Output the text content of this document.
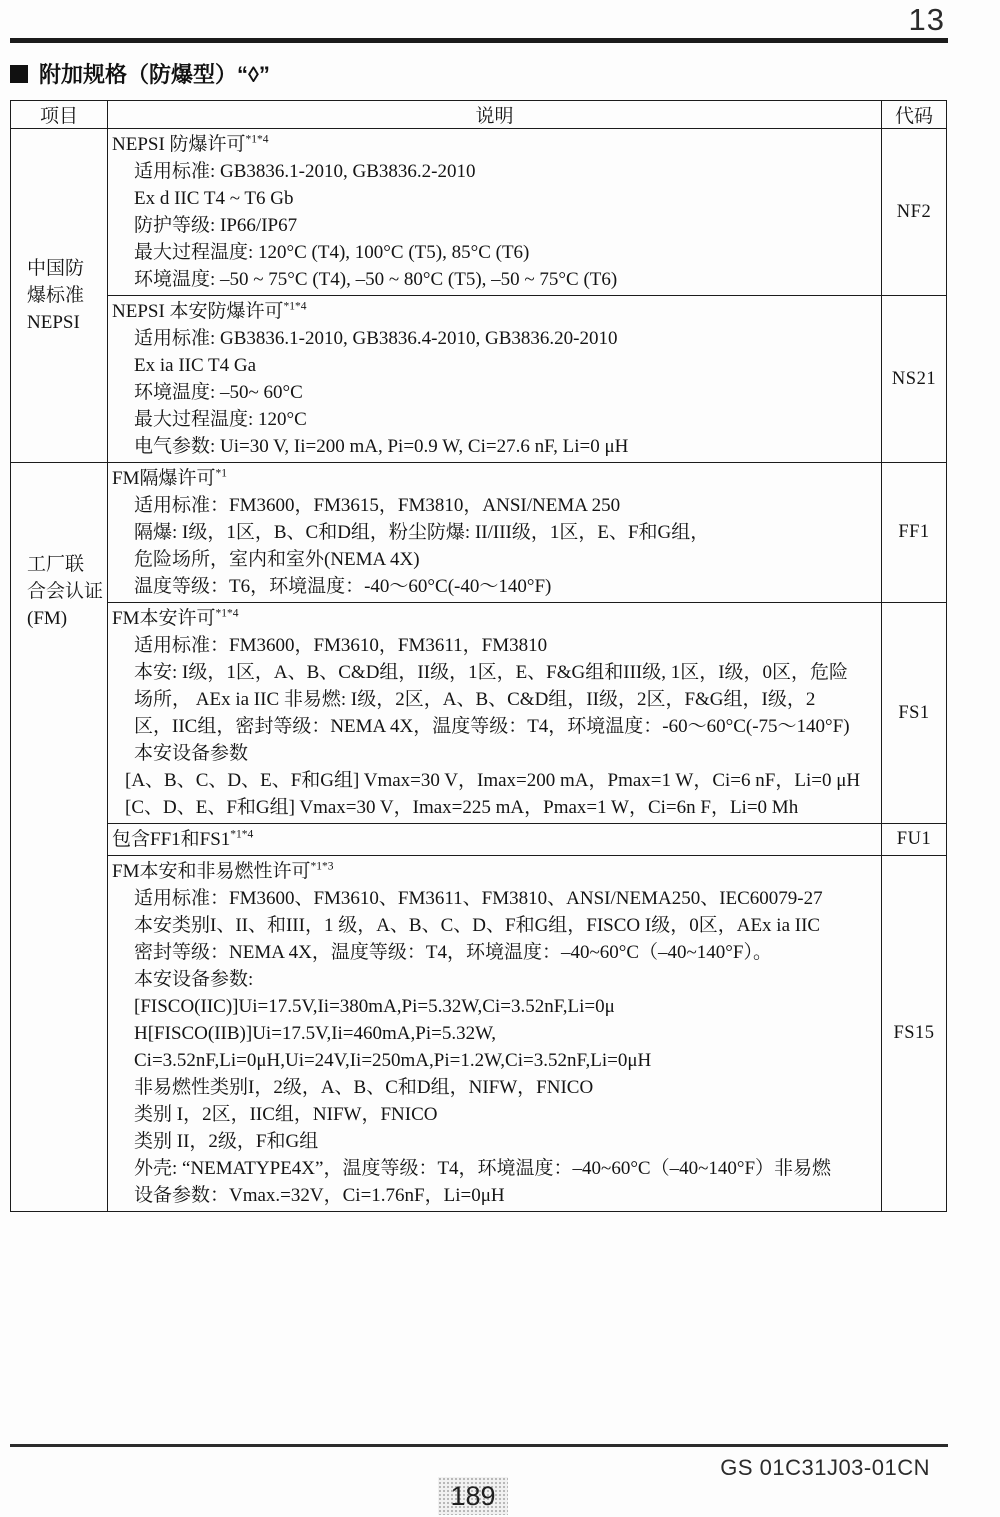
13
附加规格（防爆型）“◊”
项目	说明	代码

中国防
爆标准
NEPSI

NEPSI 防爆许可$^{*1*4}$
适用标准: GB3836.1-2010, GB3836.2-2010
Ex d IIC T4 ~ T6 Gb
防护等级: IP66/IP67
最大过程温度: 120°C (T4), 100°C (T5), 85°C (T6)
环境温度: –50 ~ 75°C (T4), –50 ~ 80°C (T5), –50 ~ 75°C (T6)
	NF2

NEPSI 本安防爆许可$^{*1*4}$
适用标准: GB3836.1-2010, GB3836.4-2010, GB3836.20-2010
Ex ia IIC T4 Ga
环境温度: –50~ 60°C
最大过程温度: 120°C
电气参数: Ui=30 V, Ii=200 mA, Pi=0.9 W, Ci=27.6 nF, Li=0 μH
	NS21

工厂联
合会认证
(FM)

FM隔爆许可$^{*1}$
适用标准：FM3600，FM3615，FM3810，ANSI/NEMA 250
隔爆: I级，1区，B、C和D组，粉尘防爆: II/III级，1区，E、F和G组，
危险场所，室内和室外(NEMA 4X)
温度等级：T6，环境温度：-40～60°C(-40～140°F)
	FF1

FM本安许可$^{*1*4}$
适用标准：FM3600，FM3610，FM3611，FM3810
本安: I级，1区，A、B、C&D组，II级，1区，E、F&G组和III级, 1区，I级，0区，危险
场所， AEx ia IIC 非易燃: I级，2区，A、B、C&D组，II级，2区，F&G组，I级，2
区，IIC组，密封等级：NEMA 4X，温度等级：T4，环境温度：-60～60°C(-75～140°F)
本安设备参数
[A、B、C、D、E、F和G组] Vmax=30 V，Imax=200 mA，Pmax=1 W，Ci=6 nF，Li=0 μH
[C、D、E、F和G组] Vmax=30 V，Imax=225 mA，Pmax=1 W，Ci=6n F，Li=0 Mh
	FS1

	包含FF1和$FS1^{*1*4}$	FU1

FM本安和非易燃性许可$^{*1*3}$
适用标准：FM3600、FM3610、FM3611、FM3810、ANSI/NEMA250、IEC60079-27
本安类别I、II、和III，1 级，A、B、C、D、F和G组，FISCO I级，0区，AEx ia IIC
密封等级：NEMA 4X，温度等级：T4，环境温度：–40~60°C（–40~140°F）。
本安设备参数:
[FISCO(IIC)]Ui=17.5V,Ii=380mA,Pi=5.32W,Ci=3.52nF,Li=0μ
H[FISCO(IIB)]Ui=17.5V,Ii=460mA,Pi=5.32W,
Ci=3.52nF,Li=0μH,Ui=24V,Ii=250mA,Pi=1.2W,Ci=3.52nF,Li=0μH
非易燃性类别I，2级，A、B、C和D组，NIFW，FNICO
类别 I，2区，IIC组，NIFW，FNICO
类别 II，2级，F和G组
外壳: “NEMATYPE4X”，温度等级：T4，环境温度：–40~60°C（–40~140°F）非易燃
设备参数：Vmax.=32V，Ci=1.76nF，Li=0μH
	FS15
GS 01C31J03-01CN
189
